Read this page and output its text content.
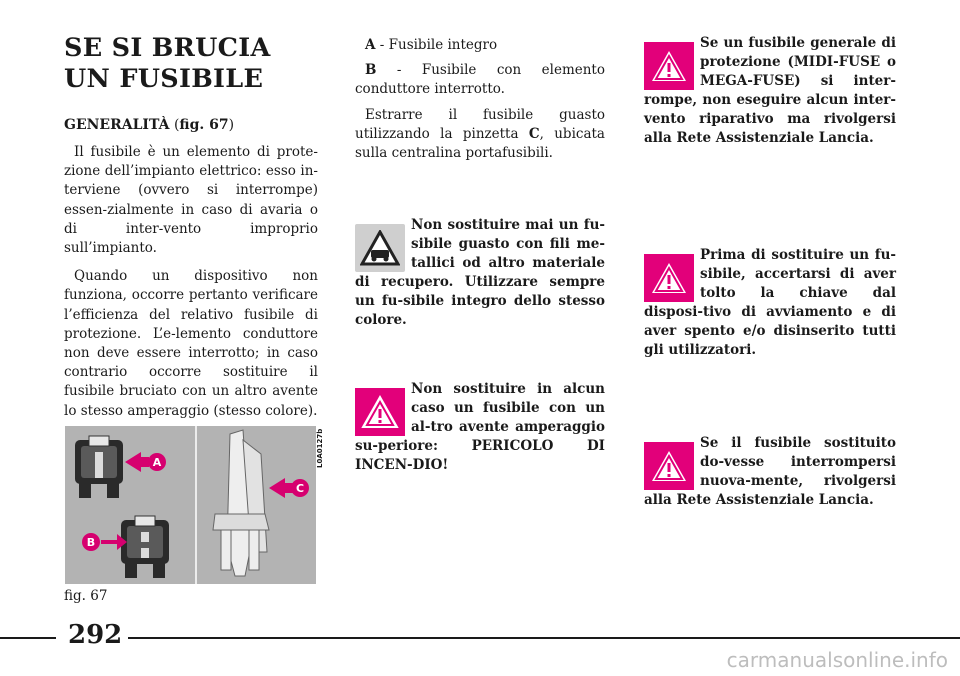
SE SI BRUCIA
UN FUSIBILE
GENERALITÀ (fig. 67)

Il fusibile è un elemento di prote-zione dell’impianto elettrico: esso in-terviene (ovvero si interrompe) essen-zialmente in caso di avaria o di inter-vento improprio sull’impianto.

Quando un dispositivo non funziona, occorre pertanto verificare l’efficienza del relativo fusibile di protezione. L’e-lemento conduttore non deve essere interrotto; in caso contrario occorre sostituire il fusibile bruciato con un altro avente lo stesso amperaggio (stesso colore).

A
B
C
L0A0127b
fig. 67

A - Fusibile integro

B - Fusibile con elemento conduttore interrotto.

Estrarre il fusibile guasto utilizzando la pinzetta C, ubicata sulla centralina portafusibili.

Non sostituire mai un fu-sibile guasto con fili me-tallici od altro materiale di recupero. Utilizzare sempre un fu-sibile integro dello stesso colore.
Non sostituire in alcun caso un fusibile con un al-tro avente amperaggio su-periore: PERICOLO DI INCEN-DIO!
Se un fusibile generale di protezione (MIDI-FUSE o MEGA-FUSE) si inter-rompe, non eseguire alcun inter-vento riparativo ma rivolgersi alla Rete Assistenziale Lancia.
Prima di sostituire un fu-sibile, accertarsi di aver tolto la chiave dal disposi-tivo di avviamento e di aver spento e/o disinserito tutti gli utilizzatori.
Se il fusibile sostituito do-vesse interrompersi nuova-mente, rivolgersi alla Rete Assistenziale Lancia.
292
carmanualsonline.info
